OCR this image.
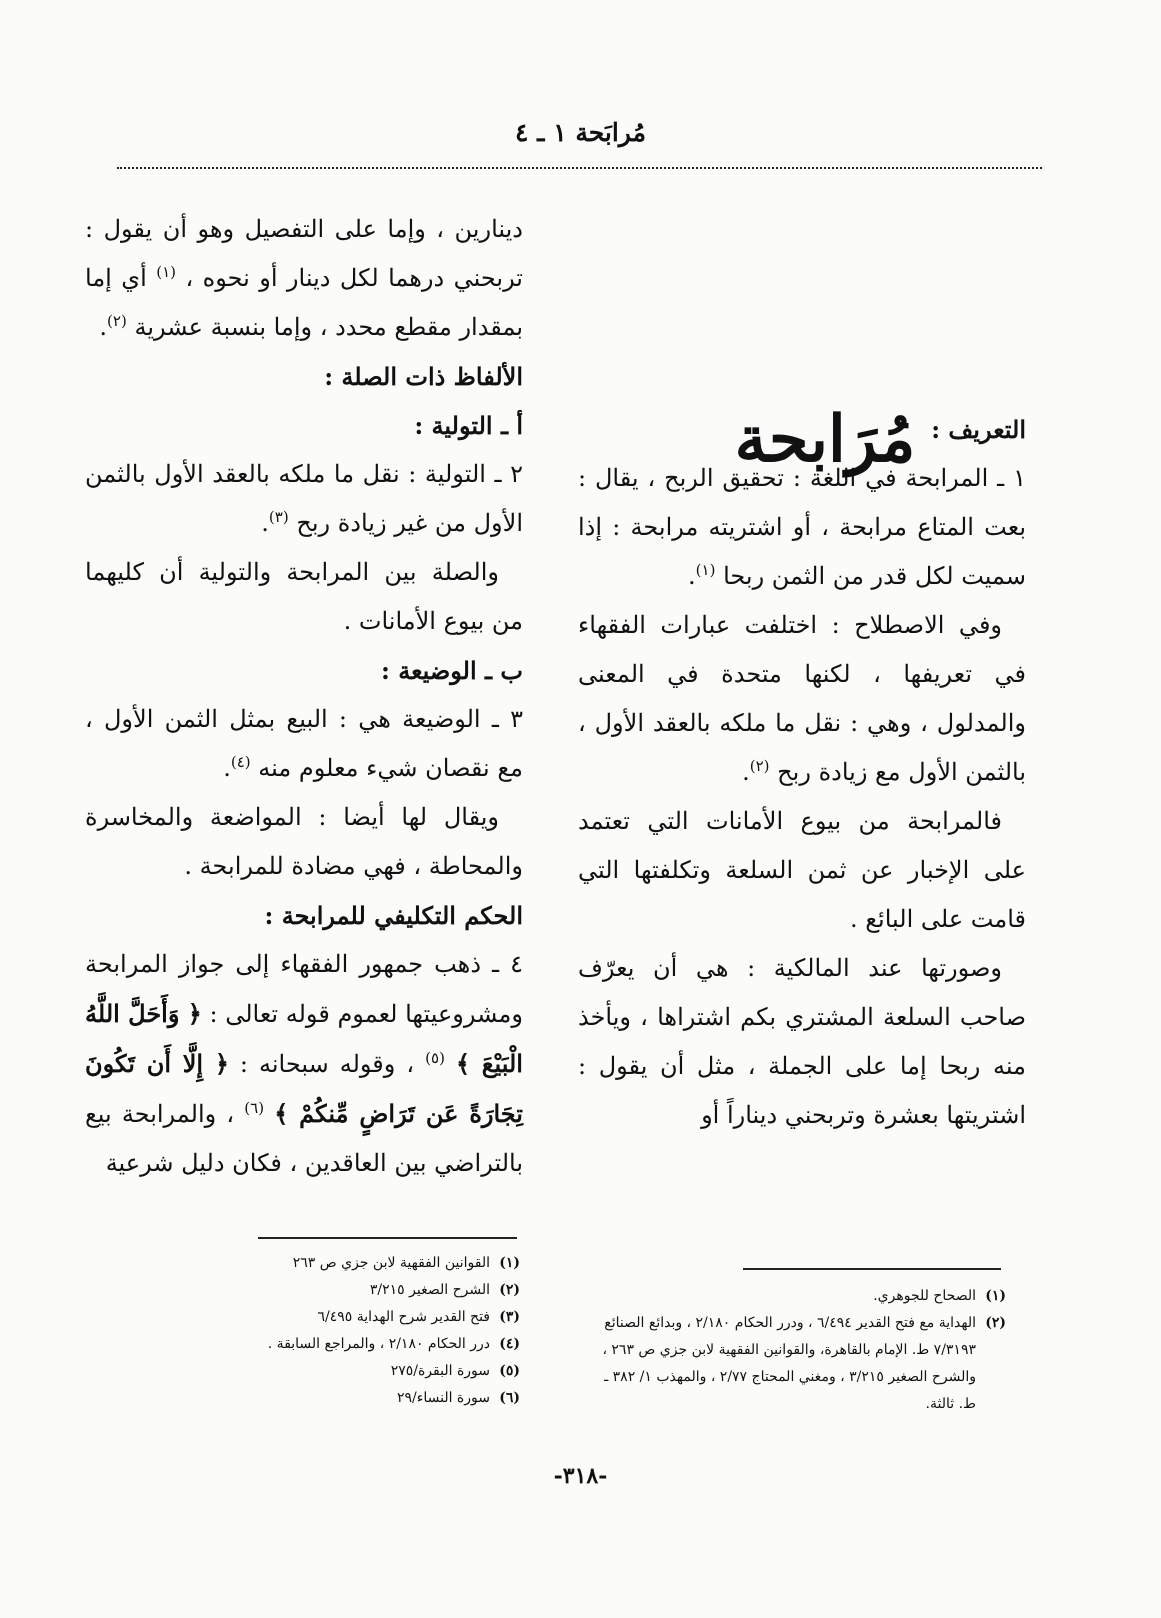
مُرابَحة ١ ـ ٤
مُرَابحة التعريف :

١ ـ المرابحة في اللغة : تحقيق الربح ، يقال : بعت المتاع مرابحة ، أو اشتريته مرابحة : إذا سميت لكل قدر من الثمن ربحا $^{(١)}$.

وفي الاصطلاح : اختلفت عبارات الفقهاء في تعريفها ، لكنها متحدة في المعنى والمدلول ، وهي : نقل ما ملكه بالعقد الأول ، بالثمن الأول مع زيادة ربح $^{(٢)}$.

فالمرابحة من بيوع الأمانات التي تعتمد على الإخبار عن ثمن السلعة وتكلفتها التي قامت على البائع .

وصورتها عند المالكية : هي أن يعرّف صاحب السلعة المشتري بكم اشتراها ، ويأخذ منه ربحا إما على الجملة ، مثل أن يقول : اشتريتها بعشرة وتربحني ديناراً أو

دينارين ، وإما على التفصيل وهو أن يقول : تربحني درهما لكل دينار أو نحوه ، $^{(١)}$ أي إما بمقدار مقطع محدد ، وإما بنسبة عشرية $^{(٢)}$.

الألفاظ ذات الصلة :

أ ـ التولية :

٢ ـ التولية : نقل ما ملكه بالعقد الأول بالثمن الأول من غير زيادة ربح $^{(٣)}$.

والصلة بين المرابحة والتولية أن كليهما من بيوع الأمانات .

ب ـ الوضيعة :

٣ ـ الوضيعة هي : البيع بمثل الثمن الأول ، مع نقصان شيء معلوم منه $^{(٤)}$.

ويقال لها أيضا : المواضعة والمخاسرة والمحاطة ، فهي مضادة للمرابحة .

الحكم التكليفي للمرابحة :

٤ ـ ذهب جمهور الفقهاء إلى جواز المرابحة ومشروعيتها لعموم قوله تعالى : ﴿ وَأَحَلَّ اللَّهُ الْبَيْعَ ﴾ $^{(٥)}$ ، وقوله سبحانه : ﴿ إِلَّا أَن تَكُونَ تِجَارَةً عَن تَرَاضٍ مِّنكُمْ ﴾ $^{(٦)}$ ، والمرابحة بيع بالتراضي بين العاقدين ، فكان دليل شرعية

(١)
الصحاح للجوهري.
(٢)
الهداية مع فتح القدير ٦/٤٩٤ ، ودرر الحكام ٢/١٨٠ ، وبدائع الصنائع ٧/٣١٩٣ ط. الإمام بالقاهرة، والقوانين الفقهية لابن جزي ص ٢٦٣ ، والشرح الصغير ٣/٢١٥ ، ومغني المحتاج ٢/٧٧ ، والمهذب ١/ ٣٨٢ ـ ط. ثالثة.
(١)
القوانين الفقهية لابن جزي ص ٢٦٣
(٢)
الشرح الصغير ٣/٢١٥
(٣)
فتح القدير شرح الهداية ٦/٤٩٥
(٤)
درر الحكام ٢/١٨٠ ، والمراجع السابقة .
(٥)
سورة البقرة/٢٧٥
(٦)
سورة النساء/٢٩
-٣١٨-
